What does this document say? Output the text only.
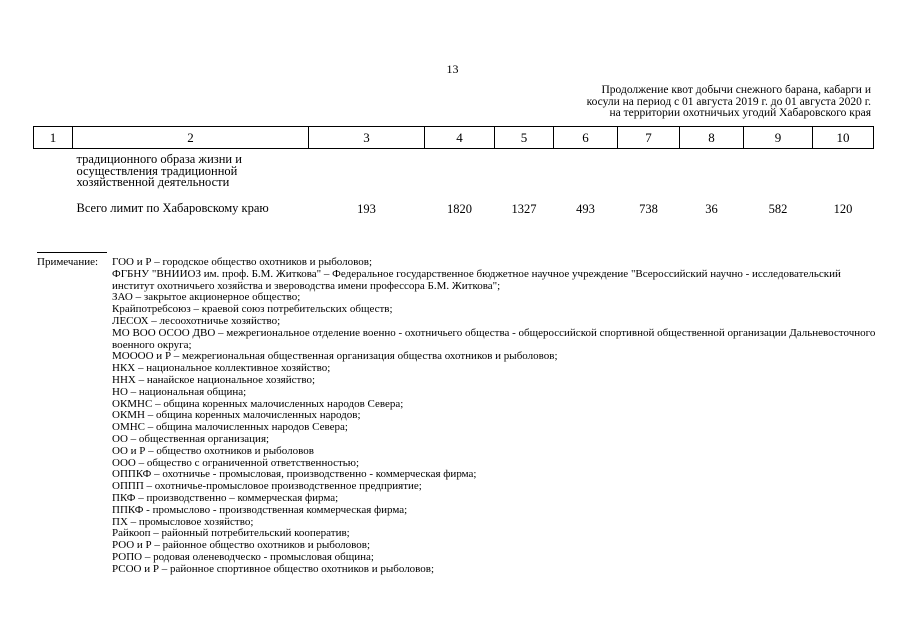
13
Продолжение квот добычи снежного барана, кабарги и
косули на период с 01 августа 2019 г. до 01 августа 2020 г.
на территории охотничьих угодий Хабаровского края
1	2	3	4	5	6	7	8	9	10
	традиционного образа жизни и осуществления традиционной хозяйственной деятельности								
	Всего лимит по Хабаровскому краю	193	1820	1327	493	738	36	582	120
Примечание: ГОО и Р – городское общество охотников и рыболовов;
ФГБНУ "ВНИИОЗ им. проф. Б.М. Житкова" – Федеральное государственное бюджетное научное учреждение "Всероссийский научно - исследовательский институт охотничьего хозяйства и звероводства имени профессора Б.М. Житкова";
ЗАО – закрытое акционерное общество;
Крайпотребсоюз – краевой союз потребительских обществ;
ЛЕСОХ – лесоохотничье хозяйство;
МО ВОО ОСОО ДВО – межрегиональное отделение военно - охотничьего общества - общероссийской спортивной общественной организации Дальневосточного военного округа;
МОООО и Р – межрегиональная общественная организация общества охотников и рыболовов;
НКХ – национальное коллективное хозяйство;
ННХ – нанайское национальное хозяйство;
НО – национальная община;
ОКМНС – община коренных малочисленных народов Севера;
ОКМН – община коренных малочисленных народов;
ОМНС – община малочисленных народов Севера;
ОО – общественная организация;
ОО и Р – общество охотников и рыболовов
ООО – общество с ограниченной ответственностью;
ОППКФ – охотничье - промысловая, производственно - коммерческая фирма;
ОППП – охотничье-промысловое производственное предприятие;
ПКФ – производственно – коммерческая фирма;
ППКФ - промыслово - производственная коммерческая фирма;
ПХ – промысловое хозяйство;
Райкооп – районный потребительский кооператив;
РОО и Р – районное общество охотников и рыболовов;
РОПО – родовая оленеводческо - промысловая община;
РСОО и Р – районное спортивное общество охотников и рыболовов;
